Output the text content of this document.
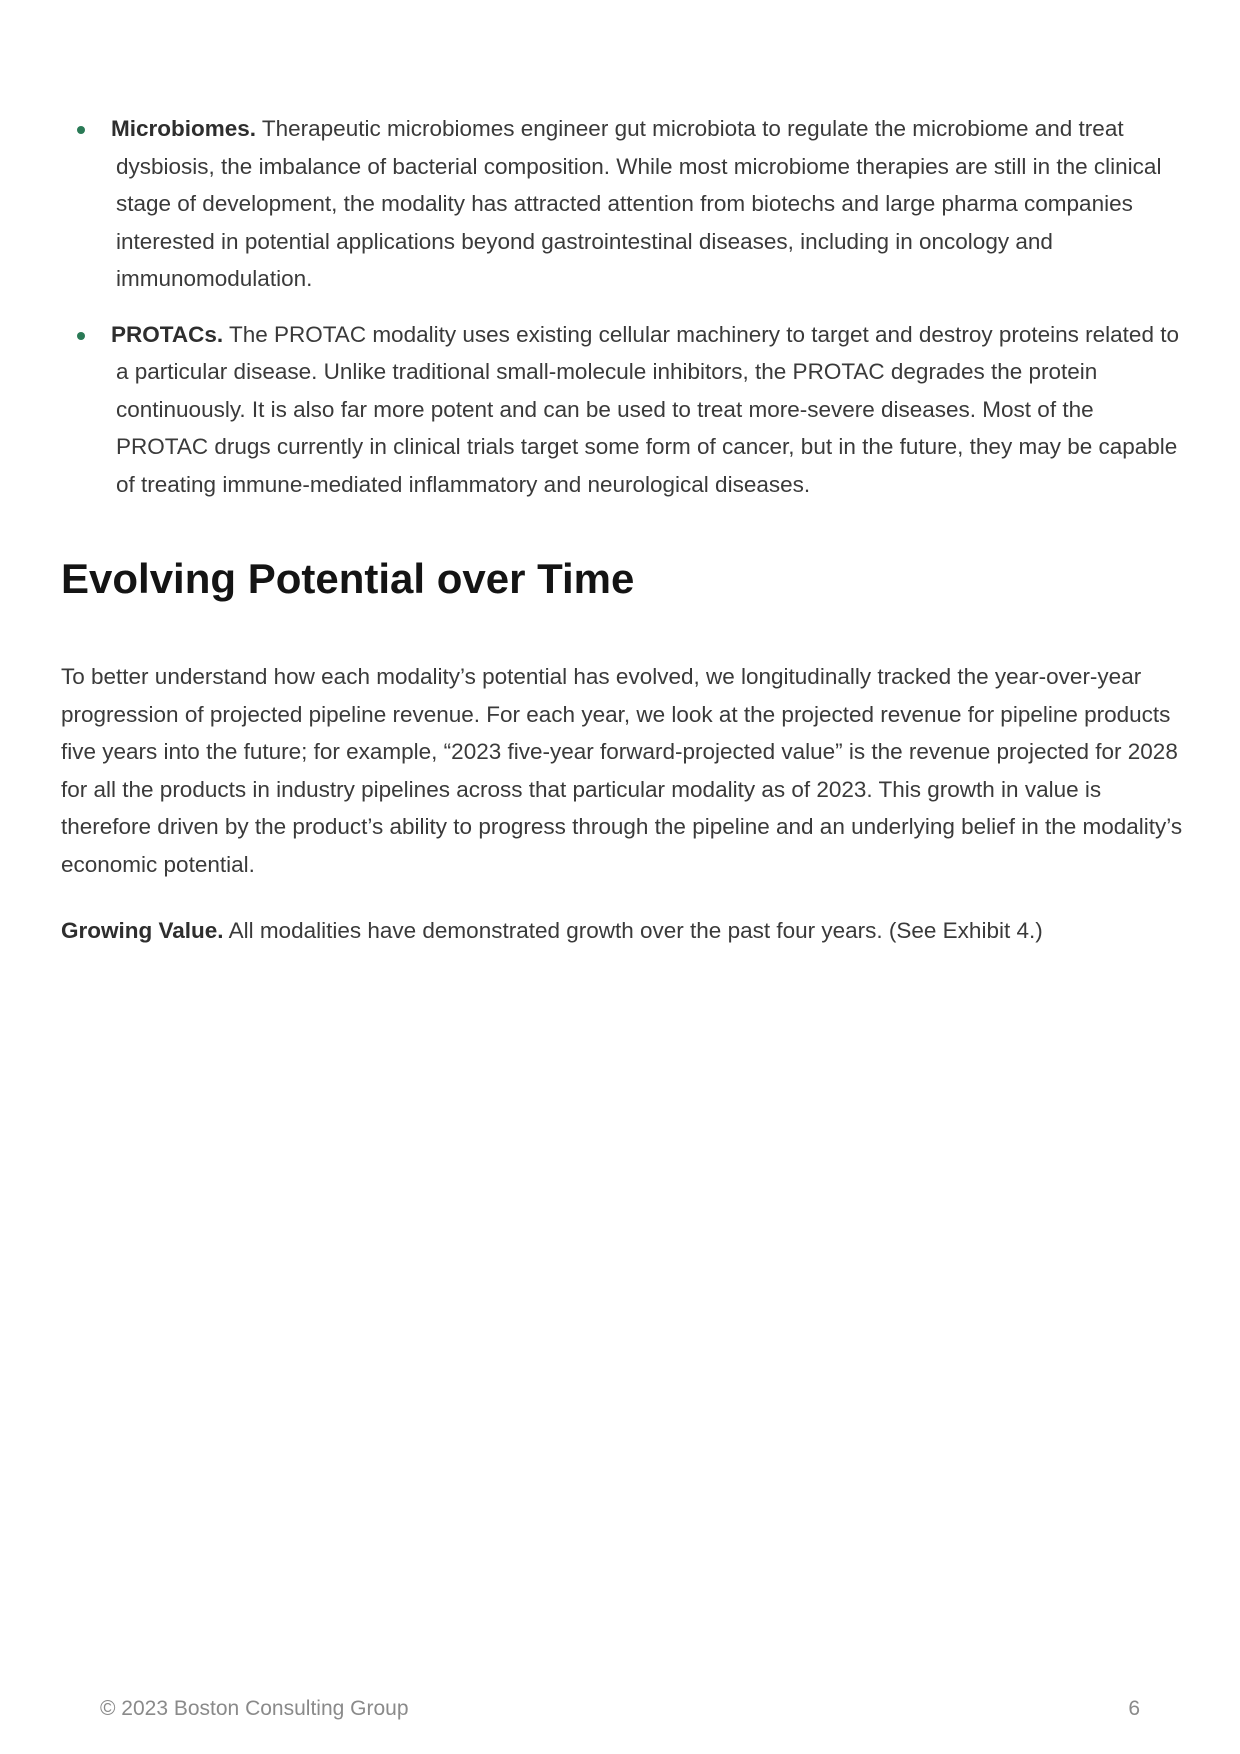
Microbiomes. Therapeutic microbiomes engineer gut microbiota to regulate the microbiome and treat dysbiosis, the imbalance of bacterial composition. While most microbiome therapies are still in the clinical stage of development, the modality has attracted attention from biotechs and large pharma companies interested in potential applications beyond gastrointestinal diseases, including in oncology and immunomodulation.
PROTACs. The PROTAC modality uses existing cellular machinery to target and destroy proteins related to a particular disease. Unlike traditional small-molecule inhibitors, the PROTAC degrades the protein continuously. It is also far more potent and can be used to treat more-severe diseases. Most of the PROTAC drugs currently in clinical trials target some form of cancer, but in the future, they may be capable of treating immune-mediated inflammatory and neurological diseases.
Evolving Potential over Time

To better understand how each modality’s potential has evolved, we longitudinally tracked the year-over-year progression of projected pipeline revenue. For each year, we look at the projected revenue for pipeline products five years into the future; for example, “2023 five-year forward-projected value” is the revenue projected for 2028 for all the products in industry pipelines across that particular modality as of 2023. This growth in value is therefore driven by the product’s ability to progress through the pipeline and an underlying belief in the modality’s economic potential.

Growing Value. All modalities have demonstrated growth over the past four years. (See Exhibit 4.)

© 2023 Boston Consulting Group	6
